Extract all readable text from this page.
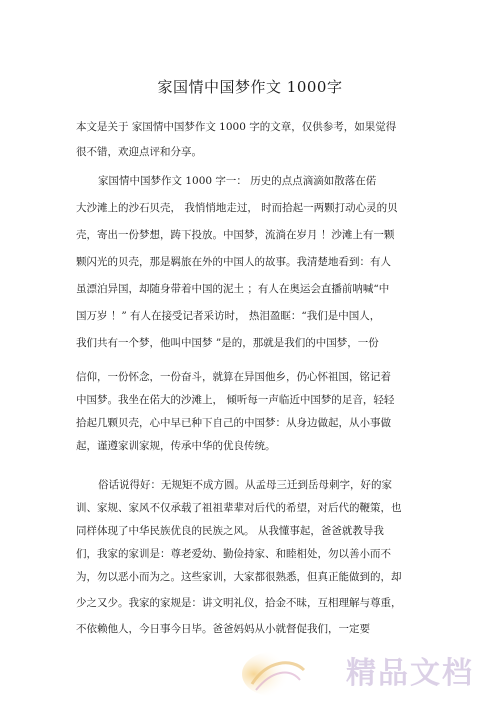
家国情中国梦作文 1000字
本文是关于 家国情中国梦作文 1000 字的文章，仅供参考，如果觉得
很不错，欢迎点评和分享。
家国情中国梦作文 1000 字一： 历史的点点滴滴如散落在偌
大沙滩上的沙石贝壳， 我悄悄地走过， 时而拾起一两颗打动心灵的贝
壳，寄出一份梦想，踌下投放。中国梦，流淌在岁月 ！沙滩上有一颗
颗闪光的贝壳，那是羁旅在外的中国人的故事。我清楚地看到：有人
虽漂泊异国，却随身带着中国的泥土 ；有人在奥运会直播前呐喊“中
国万岁 ！” 有人在接受记者采访时， 热泪盈眶：“我们是中国人，
我们共有一个梦，他叫中国梦 ”是的，那就是我们的中国梦，一份
信仰，一份怀念，一份奋斗，就算在异国他乡，仍心怀祖国，铭记着
中国梦。我坐在偌大的沙滩上， 倾听每一声临近中国梦的足音，轻轻
拾起几颗贝壳，心中早已种下自己的中国梦：从身边做起，从小事做
起，谨遵家训家规，传承中华的优良传统。
俗话说得好：无规矩不成方圆。从孟母三迁到岳母刺字，好的家
训、家规、家风不仅承载了祖祖辈辈对后代的希望，对后代的鞭策，也
同样体现了中华民族优良的民族之风。 从我懂事起，爸爸就教导我
们，我家的家训是：尊老爱幼、勤俭持家、和睦相处，勿以善小而不
为，勿以恶小而为之。这些家训，大家都很熟悉，但真正能做到的，却
少之又少。我家的家规是：讲文明礼仪，拾金不昧，互相理解与尊重，
不依赖他人，今日事今日毕。爸爸妈妈从小就督促我们，一定要
精品文档
